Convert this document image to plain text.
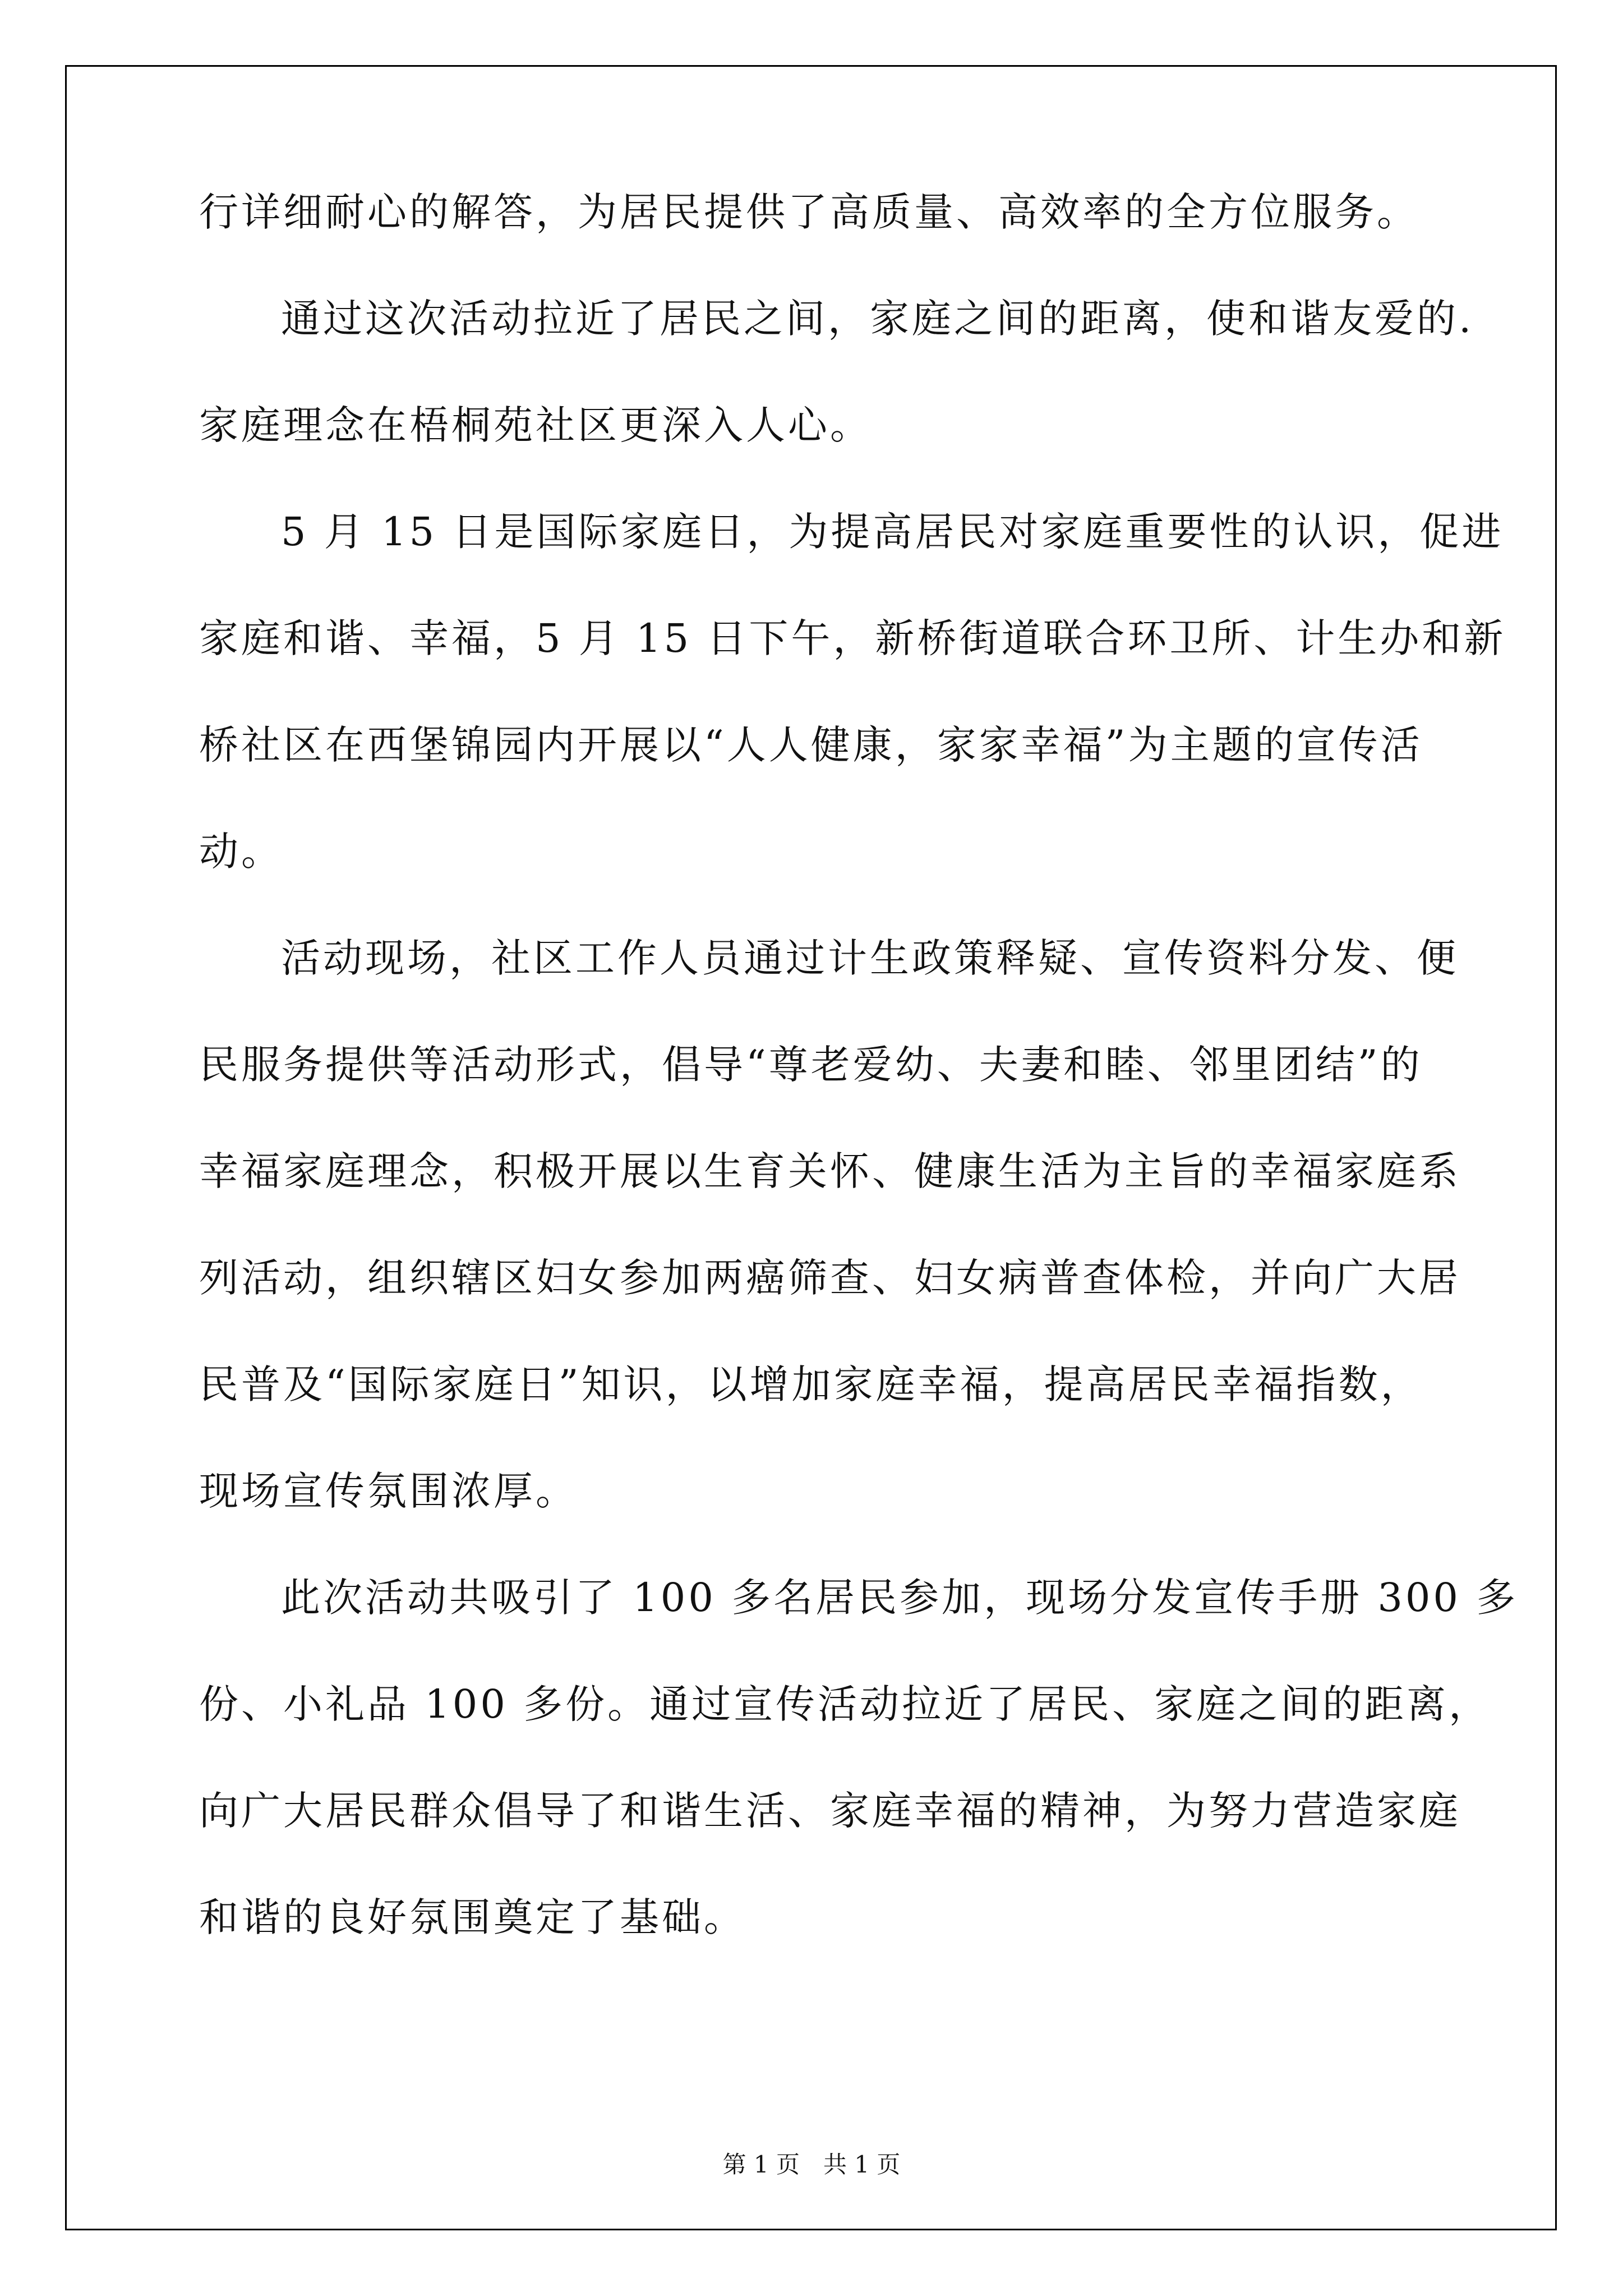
行详细耐心的解答，为居民提供了高质量、高效率的全方位服务。
通过这次活动拉近了居民之间，家庭之间的距离，使和谐友爱的.
家庭理念在梧桐苑社区更深入人心。
5 月 15 日是国际家庭日，为提高居民对家庭重要性的认识，促进
家庭和谐、幸福，5 月 15 日下午，新桥街道联合环卫所、计生办和新
桥社区在西堡锦园内开展以“人人健康，家家幸福”为主题的宣传活
动。
活动现场，社区工作人员通过计生政策释疑、宣传资料分发、便
民服务提供等活动形式，倡导“尊老爱幼、夫妻和睦、邻里团结”的
幸福家庭理念，积极开展以生育关怀、健康生活为主旨的幸福家庭系
列活动，组织辖区妇女参加两癌筛查、妇女病普查体检，并向广大居
民普及“国际家庭日”知识，以增加家庭幸福，提高居民幸福指数，
现场宣传氛围浓厚。
此次活动共吸引了 100 多名居民参加，现场分发宣传手册 300 多
份、小礼品 100 多份。通过宣传活动拉近了居民、家庭之间的距离，
向广大居民群众倡导了和谐生活、家庭幸福的精神，为努力营造家庭
和谐的良好氛围奠定了基础。
第 1 页　共 1 页
